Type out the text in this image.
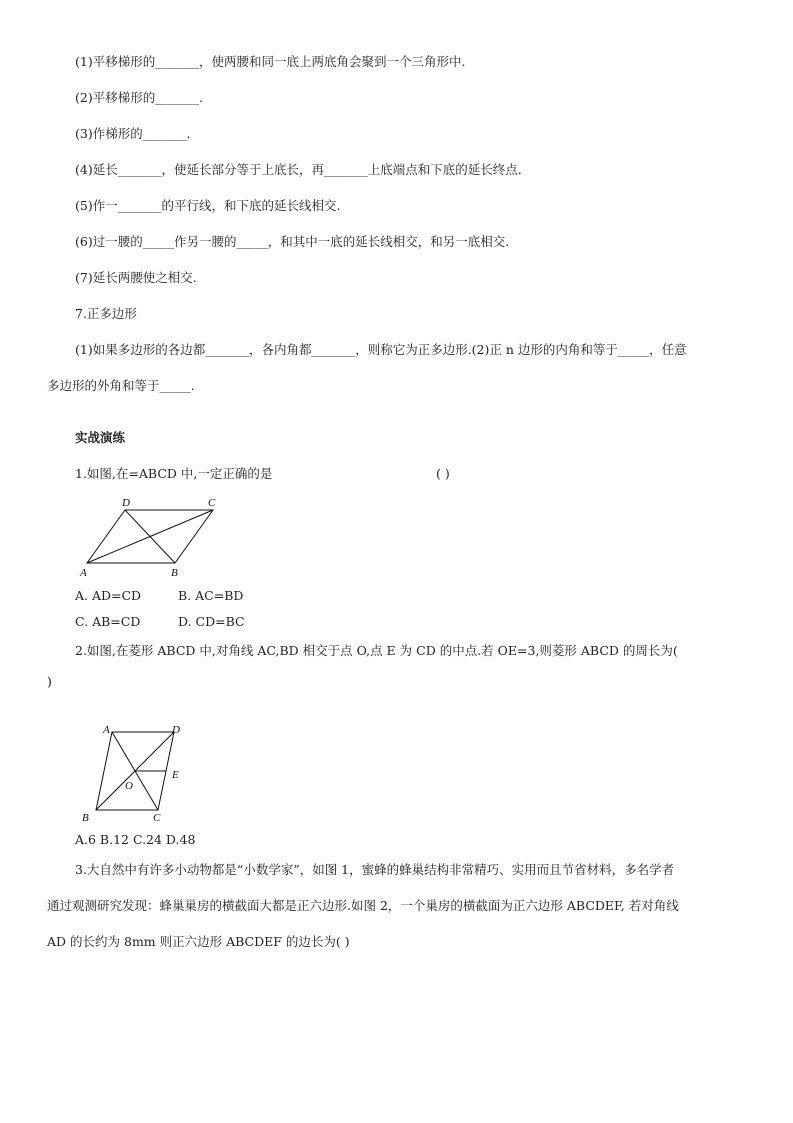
(1)平移梯形的_______，使两腰和同一底上两底角会聚到一个三角形中.
(2)平移梯形的_______.
(3)作梯形的_______.
(4)延长_______，使延长部分等于上底长，再_______上底端点和下底的延长终点.
(5)作一_______的平行线，和下底的延长线相交.
(6)过一腰的_____作另一腰的_____，和其中一底的延长线相交，和另一底相交.
(7)延长两腰使之相交.
7.正多边形
(1)如果多边形的各边都_______，各内角都_______，则称它为正多边形.(2)正 n 边形的内角和等于_____，任意
多边形的外角和等于_____.
实战演练
1.如图,在=ABCD 中,一定正确的是	( )
D	C
A	B
A. AD=CD	B. AC=BD
C. AB=CD	D. CD=BC
2.如图,在菱形 ABCD 中,对角线 AC,BD 相交于点 O,点 E 为 CD 的中点.若 OE=3,则菱形 ABCD 的周长为(
)
A	D
E
O
B	C
A.6 B.12 C.24 D.48
3.大自然中有许多小动物都是“小数学家”，如图 1，蜜蜂的蜂巢结构非常精巧、实用而且节省材料，多名学者
通过观测研究发现：蜂巢巢房的横截面大都是正六边形.如图 2，一个巢房的横截面为正六边形 ABCDEF, 若对角线
AD 的长约为 8mm 则正六边形 ABCDEF 的边长为( )
